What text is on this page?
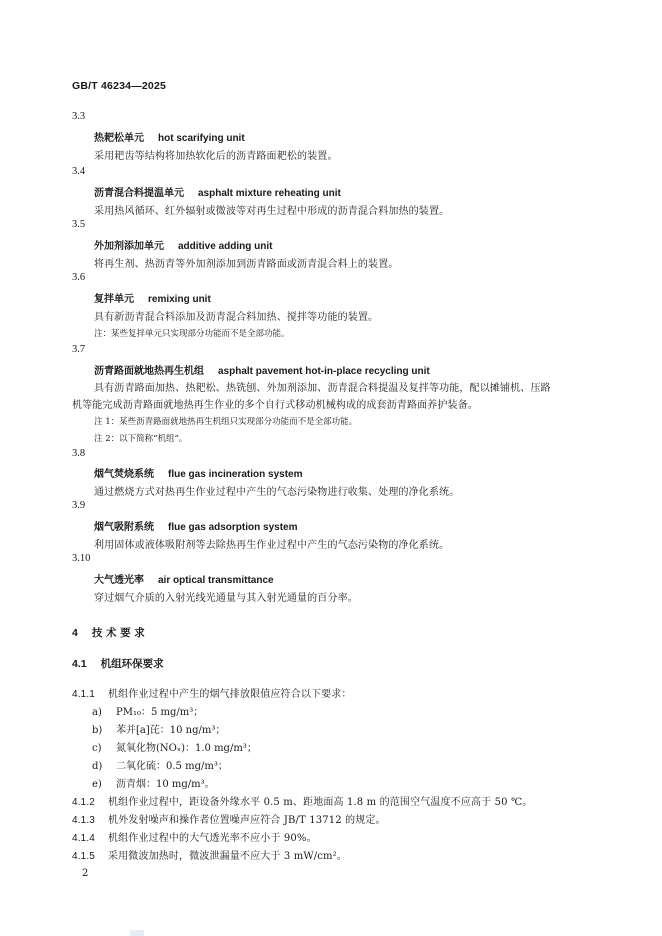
GB/T 46234—2025
3.3
热耙松单元 hot scarifying unit
采用耙齿等结构将加热软化后的沥青路面耙松的装置。
3.4
沥青混合料提温单元 asphalt mixture reheating unit
采用热风循环、红外辐射或微波等对再生过程中形成的沥青混合料加热的装置。
3.5
外加剂添加单元 additive adding unit
将再生剂、热沥青等外加剂添加到沥青路面或沥青混合料上的装置。
3.6
复拌单元 remixing unit
具有新沥青混合料添加及沥青混合料加热、搅拌等功能的装置。
注：某些复拌单元只实现部分功能而不是全部功能。
3.7
沥青路面就地热再生机组 asphalt pavement hot-in-place recycling unit
具有沥青路面加热、热耙松、热铣刨、外加剂添加、沥青混合料提温及复拌等功能，配以摊铺机、压路
机等能完成沥青路面就地热再生作业的多个自行式移动机械构成的成套沥青路面养护装备。
注 1：某些沥青路面就地热再生机组只实现部分功能而不是全部功能。
注 2：以下简称“机组”。
3.8
烟气焚烧系统 flue gas incineration system
通过燃烧方式对热再生作业过程中产生的气态污染物进行收集、处理的净化系统。
3.9
烟气吸附系统 flue gas adsorption system
利用固体或液体吸附剂等去除热再生作业过程中产生的气态污染物的净化系统。
3.10
大气透光率 air optical transmittance
穿过烟气介质的入射光线光通量与其入射光通量的百分率。
4 技 术 要 求
4.1 机组环保要求
4.1.1 机组作业过程中产生的烟气排放限值应符合以下要求：
a) PM₁₀：5 mg/m³；
b) 苯并[a]芘：10 ng/m³；
c) 氮氧化物(NOₓ)：1.0 mg/m³；
d) 二氧化硫：0.5 mg/m³；
e) 沥青烟：10 mg/m³。
4.1.2 机组作业过程中，距设备外缘水平 0.5 m、距地面高 1.8 m 的范围空气温度不应高于 50 ℃。
4.1.3 机外发射噪声和操作者位置噪声应符合 JB/T 13712 的规定。
4.1.4 机组作业过程中的大气透光率不应小于 90%。
4.1.5 采用微波加热时，微波泄漏量不应大于 3 mW/cm²。
2
